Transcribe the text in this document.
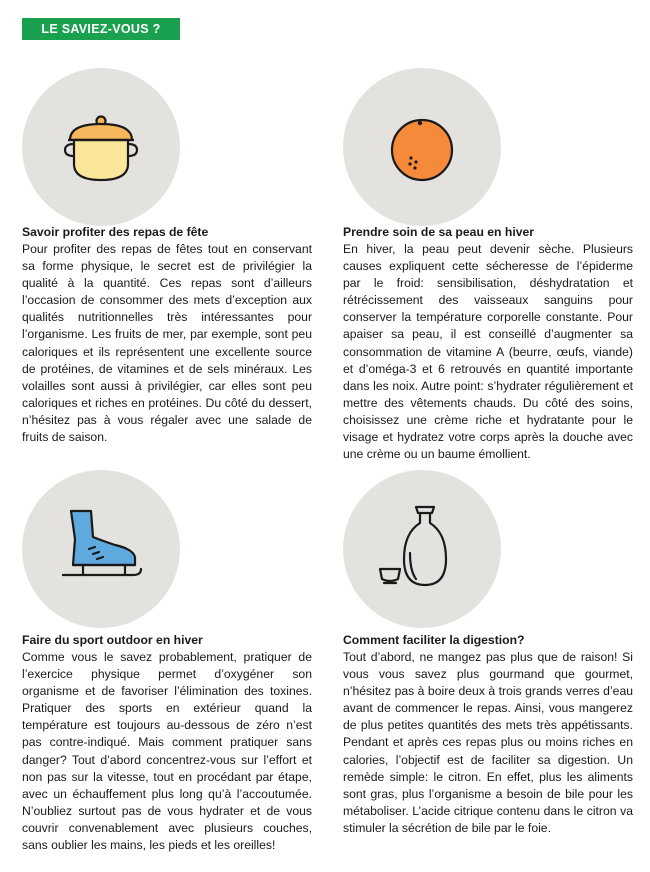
LE SAVIEZ-VOUS ?
Savoir profiter des repas de fête

Pour profiter des repas de fêtes tout en conservant sa forme physique, le secret est de privilégier la qualité à la quantité. Ces repas sont d’ailleurs l’occasion de consommer des mets d’exception aux qualités nutritionnelles très intéressantes pour l’organisme. Les fruits de mer, par exemple, sont peu caloriques et ils représentent une excellente source de protéines, de vitamines et de sels minéraux. Les volailles sont aussi à privilégier, car elles sont peu caloriques et riches en protéines. Du côté du dessert, n’hésitez pas à vous régaler avec une salade de fruits de saison.

Prendre soin de sa peau en hiver

En hiver, la peau peut devenir sèche. Plusieurs causes expliquent cette sécheresse de l’épiderme par le froid: sensibilisation, déshydratation et rétrécissement des vaisseaux sanguins pour conserver la température corporelle constante. Pour apaiser sa peau, il est conseillé d’augmenter sa consommation de vitamine A (beurre, œufs, viande) et d’oméga-3 et 6 retrouvés en quantité importante dans les noix. Autre point: s’hydrater régulièrement et mettre des vêtements chauds. Du côté des soins, choisissez une crème riche et hydratante pour le visage et hydratez votre corps après la douche avec une crème ou un baume émollient.

Faire du sport outdoor en hiver

Comme vous le savez probablement, pratiquer de l’exercice physique permet d’oxygéner son organisme et de favoriser l’élimination des toxines. Pratiquer des sports en extérieur quand la température est toujours au-dessous de zéro n’est pas contre-indiqué. Mais comment pratiquer sans danger? Tout d’abord concentrez-vous sur l’effort et non pas sur la vitesse, tout en procédant par étape, avec un échauffement plus long qu’à l’accoutumée. N’oubliez surtout pas de vous hydrater et de vous couvrir convenablement avec plusieurs couches, sans oublier les mains, les pieds et les oreilles!

Comment faciliter la digestion?

Tout d’abord, ne mangez pas plus que de raison! Si vous vous savez plus gourmand que gourmet, n’hésitez pas à boire deux à trois grands verres d’eau avant de commencer le repas. Ainsi, vous mangerez de plus petites quantités des mets très appétissants. Pendant et après ces repas plus ou moins riches en calories, l’objectif est de faciliter sa digestion. Un remède simple: le citron. En effet, plus les aliments sont gras, plus l’organisme a besoin de bile pour les métaboliser. L’acide citrique contenu dans le citron va stimuler la sécrétion de bile par le foie.
